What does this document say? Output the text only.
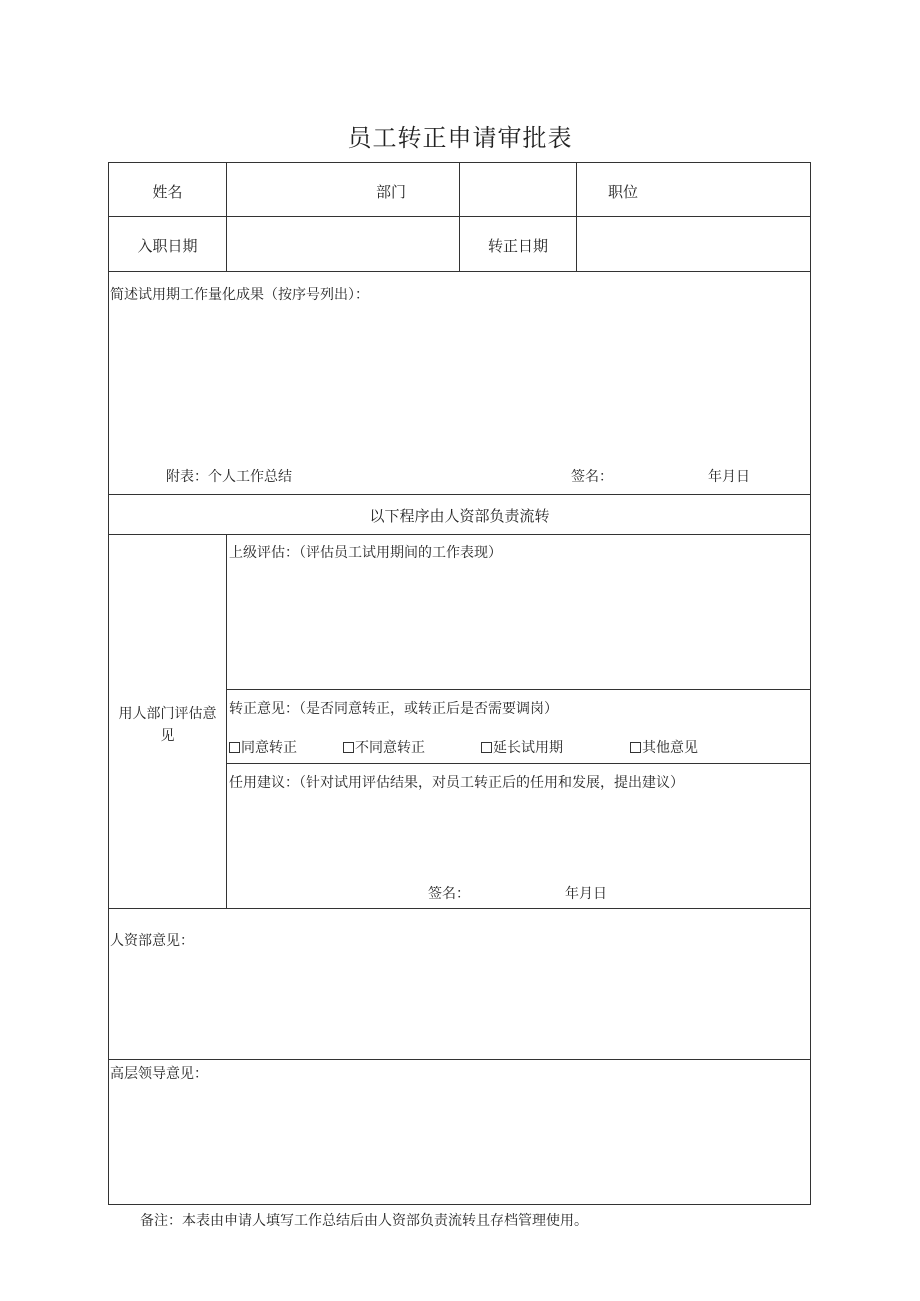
员工转正申请审批表
姓名	部门	职位
入职日期	转正日期
简述试用期工作量化成果（按序号列出）：
附表：个人工作总结	签名：	年月日
以下程序由人资部负责流转
用人部门评估意
见
上级评估：（评估员工试用期间的工作表现）
转正意见：（是否同意转正，或转正后是否需要调岗）
同意转正	不同意转正	延长试用期	其他意见
任用建议：（针对试用评估结果，对员工转正后的任用和发展，提出建议）
签名：	年月日
人资部意见：
高层领导意见：
备注：本表由申请人填写工作总结后由人资部负责流转且存档管理使用。
